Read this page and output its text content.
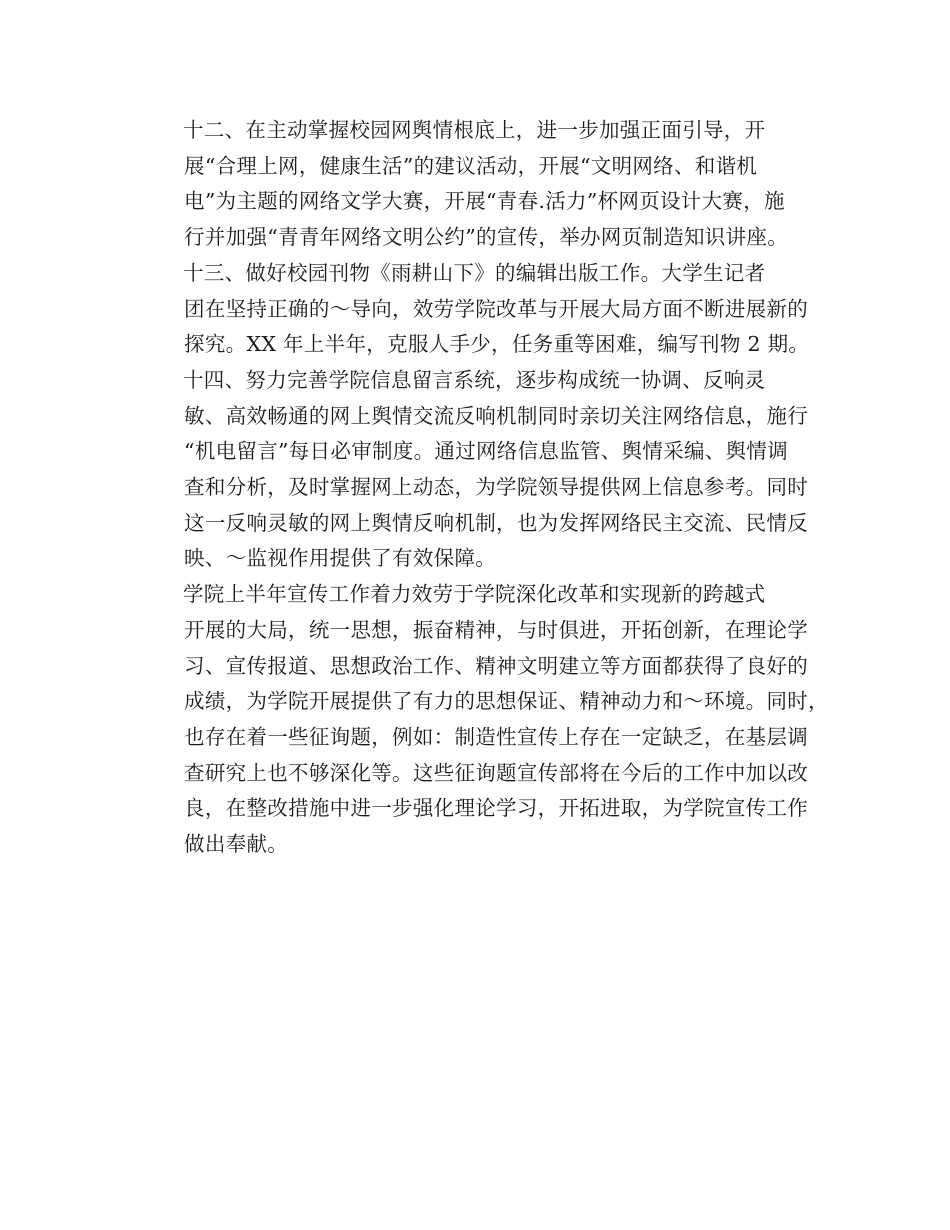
十二、在主动掌握校园网舆情根底上，进一步加强正面引导，开
展“合理上网，健康生活”的建议活动，开展“文明网络、和谐机
电”为主题的网络文学大赛，开展“青春.活力”杯网页设计大赛，施
行并加强“青青年网络文明公约”的宣传，举办网页制造知识讲座。
十三、做好校园刊物《雨耕山下》的编辑出版工作。大学生记者
团在坚持正确的～导向，效劳学院改革与开展大局方面不断进展新的
探究。XX 年上半年，克服人手少，任务重等困难，编写刊物 2 期。
十四、努力完善学院信息留言系统，逐步构成统一协调、反响灵
敏、高效畅通的网上舆情交流反响机制同时亲切关注网络信息，施行
“机电留言”每日必审制度。通过网络信息监管、舆情采编、舆情调
查和分析，及时掌握网上动态，为学院领导提供网上信息参考。同时
这一反响灵敏的网上舆情反响机制，也为发挥网络民主交流、民情反
映、～监视作用提供了有效保障。
学院上半年宣传工作着力效劳于学院深化改革和实现新的跨越式
开展的大局，统一思想，振奋精神，与时俱进，开拓创新，在理论学
习、宣传报道、思想政治工作、精神文明建立等方面都获得了良好的
成绩，为学院开展提供了有力的思想保证、精神动力和～环境。同时，
也存在着一些征询题，例如：制造性宣传上存在一定缺乏，在基层调
查研究上也不够深化等。这些征询题宣传部将在今后的工作中加以改
良，在整改措施中进一步强化理论学习，开拓进取，为学院宣传工作
做出奉献。
